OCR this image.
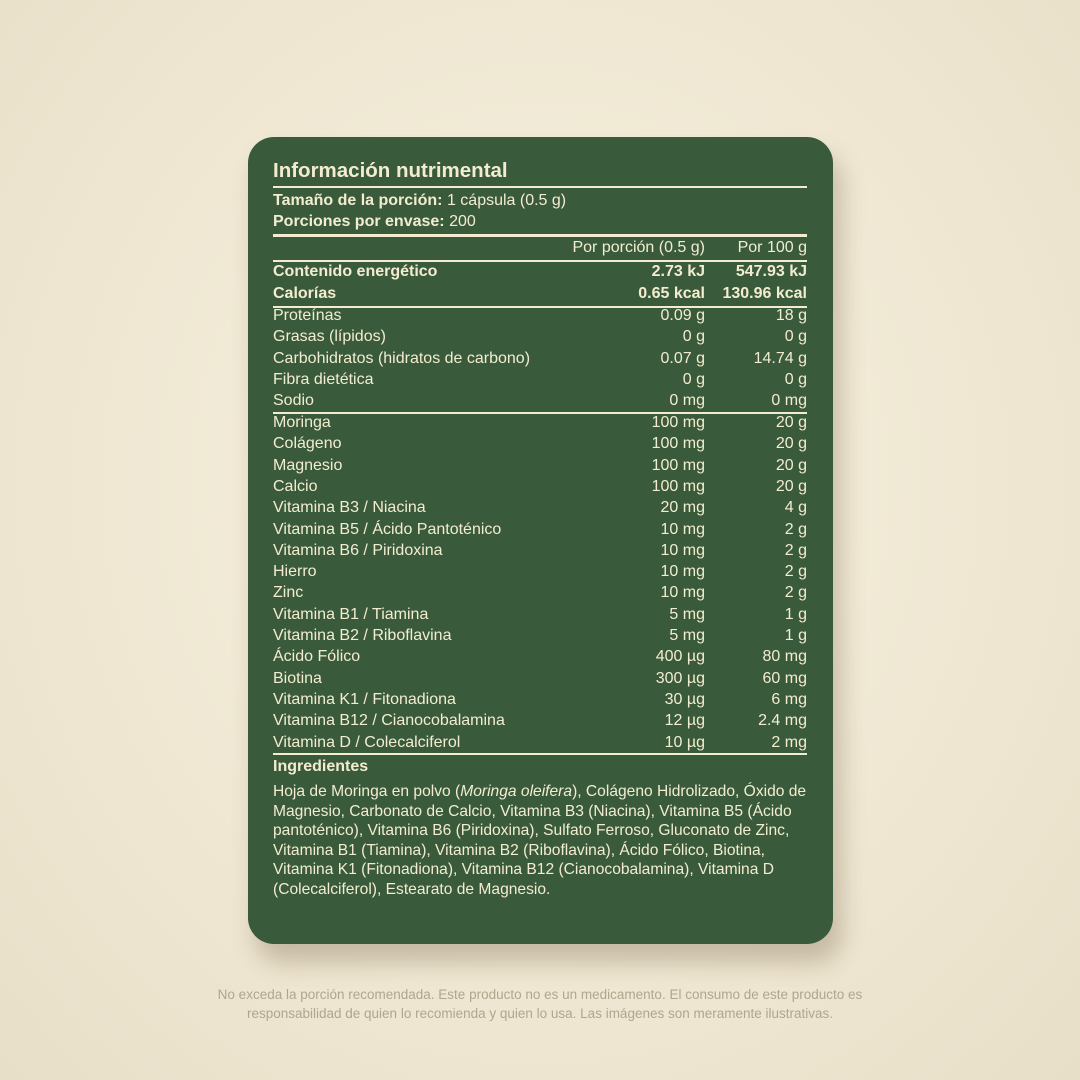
Información nutrimental
Tamaño de la porción: 1 cápsula (0.5 g)
Porciones por envase: 200
Por porción (0.5 g) Por 100 g
Contenido energético	2.73 kJ 547.93 kJ
Calorías	0.65 kcal 130.96 kcal
Proteínas	0.09 g	18 g
Grasas (lípidos)	0 g	0 g
Carbohidratos (hidratos de carbono)	0.07 g	14.74 g
Fibra dietética	0 g	0 g
Sodio	0 mg	0 mg
Moringa	100 mg	20 g
Colágeno	100 mg	20 g
Magnesio	100 mg	20 g
Calcio	100 mg	20 g
Vitamina B3 / Niacina	20 mg	4 g
Vitamina B5 / Ácido Pantoténico	10 mg	2 g
Vitamina B6 / Piridoxina	10 mg	2 g
Hierro	10 mg	2 g
Zinc	10 mg	2 g
Vitamina B1 / Tiamina	5 mg	1 g
Vitamina B2 / Riboflavina	5 mg	1 g
Ácido Fólico	400 µg	80 mg
Biotina	300 µg	60 mg
Vitamina K1 / Fitonadiona	30 µg	6 mg
Vitamina B12 / Cianocobalamina	12 µg	2.4 mg
Vitamina D / Colecalciferol	10 µg	2 mg
Ingredientes
Hoja de Moringa en polvo (Moringa oleifera), Colágeno Hidrolizado, Óxido de Magnesio, Carbonato de Calcio, Vitamina B3 (Niacina), Vitamina B5 (Ácido pantoténico), Vitamina B6 (Piridoxina), Sulfato Ferroso, Gluconato de Zinc, Vitamina B1 (Tiamina), Vitamina B2 (Riboflavina), Ácido Fólico, Biotina, Vitamina K1 (Fitonadiona), Vitamina B12 (Cianocobalamina), Vitamina D (Colecalciferol), Estearato de Magnesio.
No exceda la porción recomendada. Este producto no es un medicamento. El consumo de este producto es
responsabilidad de quien lo recomienda y quien lo usa. Las imágenes son meramente ilustrativas.
